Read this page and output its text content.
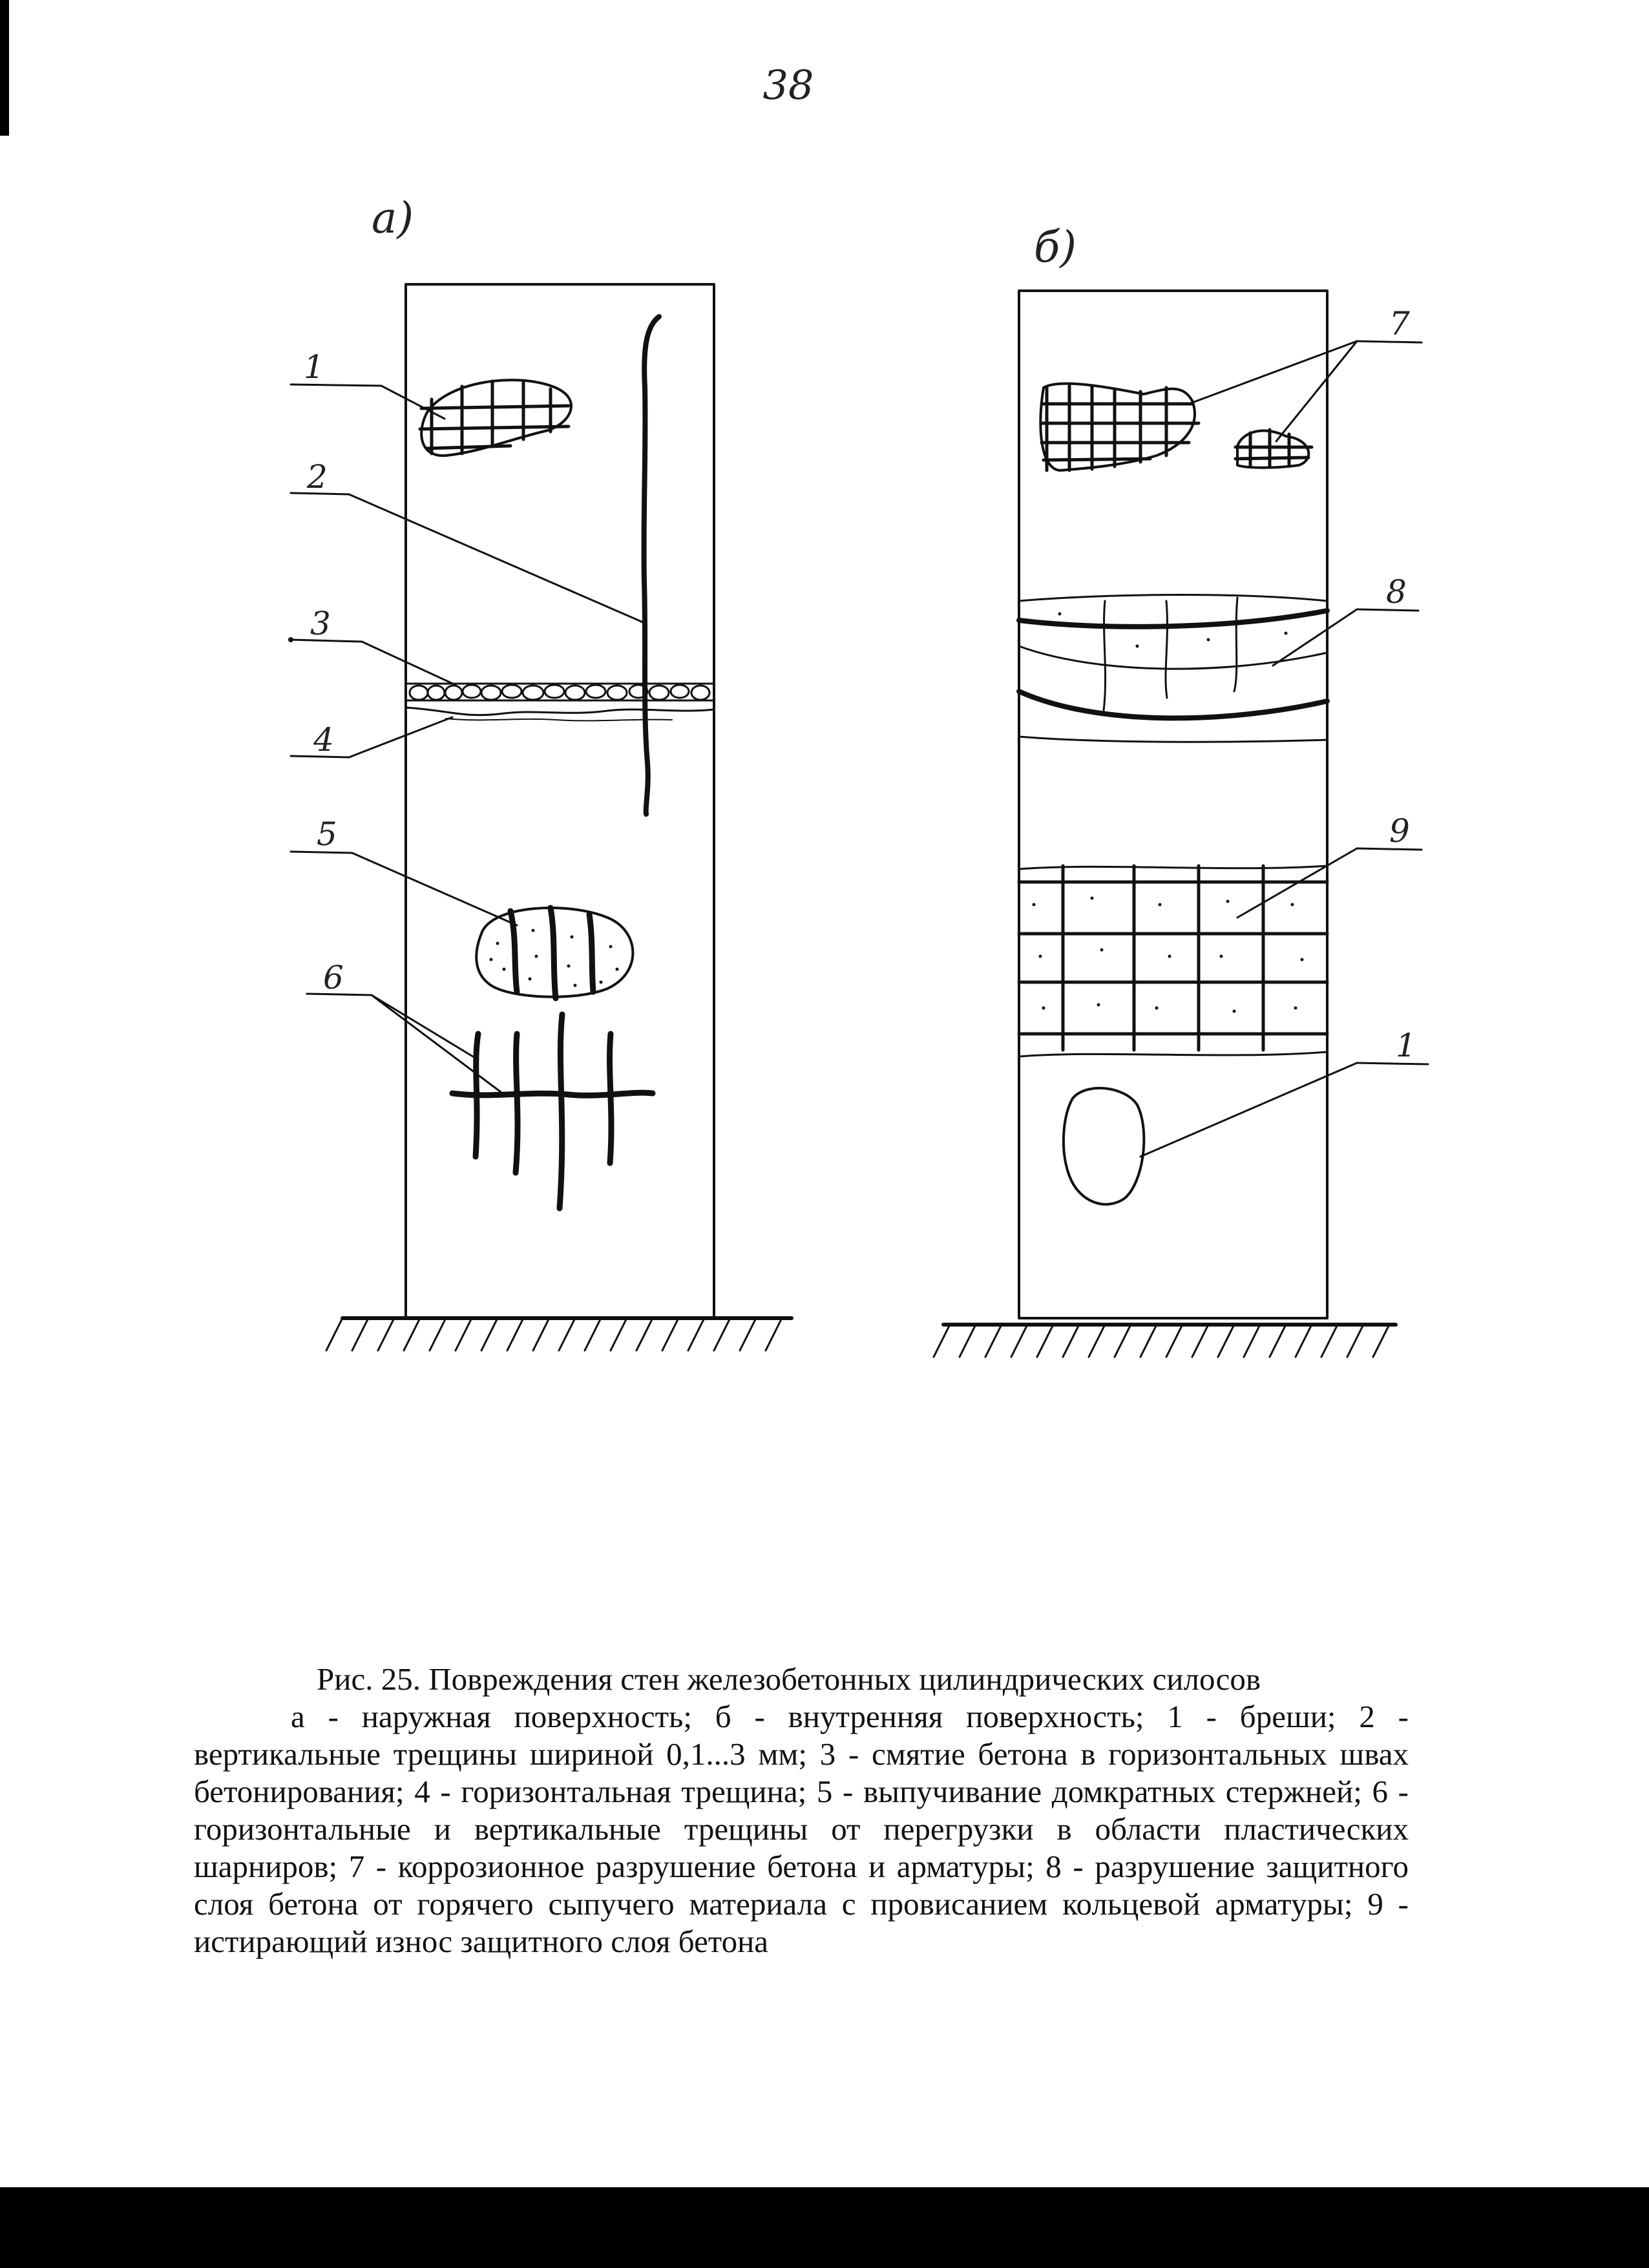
38
а)
1
2
3
4
5
6
б)
7
8
9
1
Рис. 25. Повреждения стен железобетонных цилиндрических силосов
а - наружная поверхность; б - внутренняя поверхность; 1 - бреши; 2 - вертикальные трещины шириной 0,1...3 мм; 3 - смятие бетона в горизонтальных швах бетонирования; 4 - горизонтальная трещина; 5 - выпучивание домкратных стержней; 6 - горизонтальные и вертикальные трещины от перегрузки в области пластических шарниров; 7 - коррозионное разрушение бетона и арматуры; 8 - разрушение защитного слоя бетона от горячего сыпучего материала с провисанием кольцевой арматуры; 9 - истирающий износ защитного слоя бетона
